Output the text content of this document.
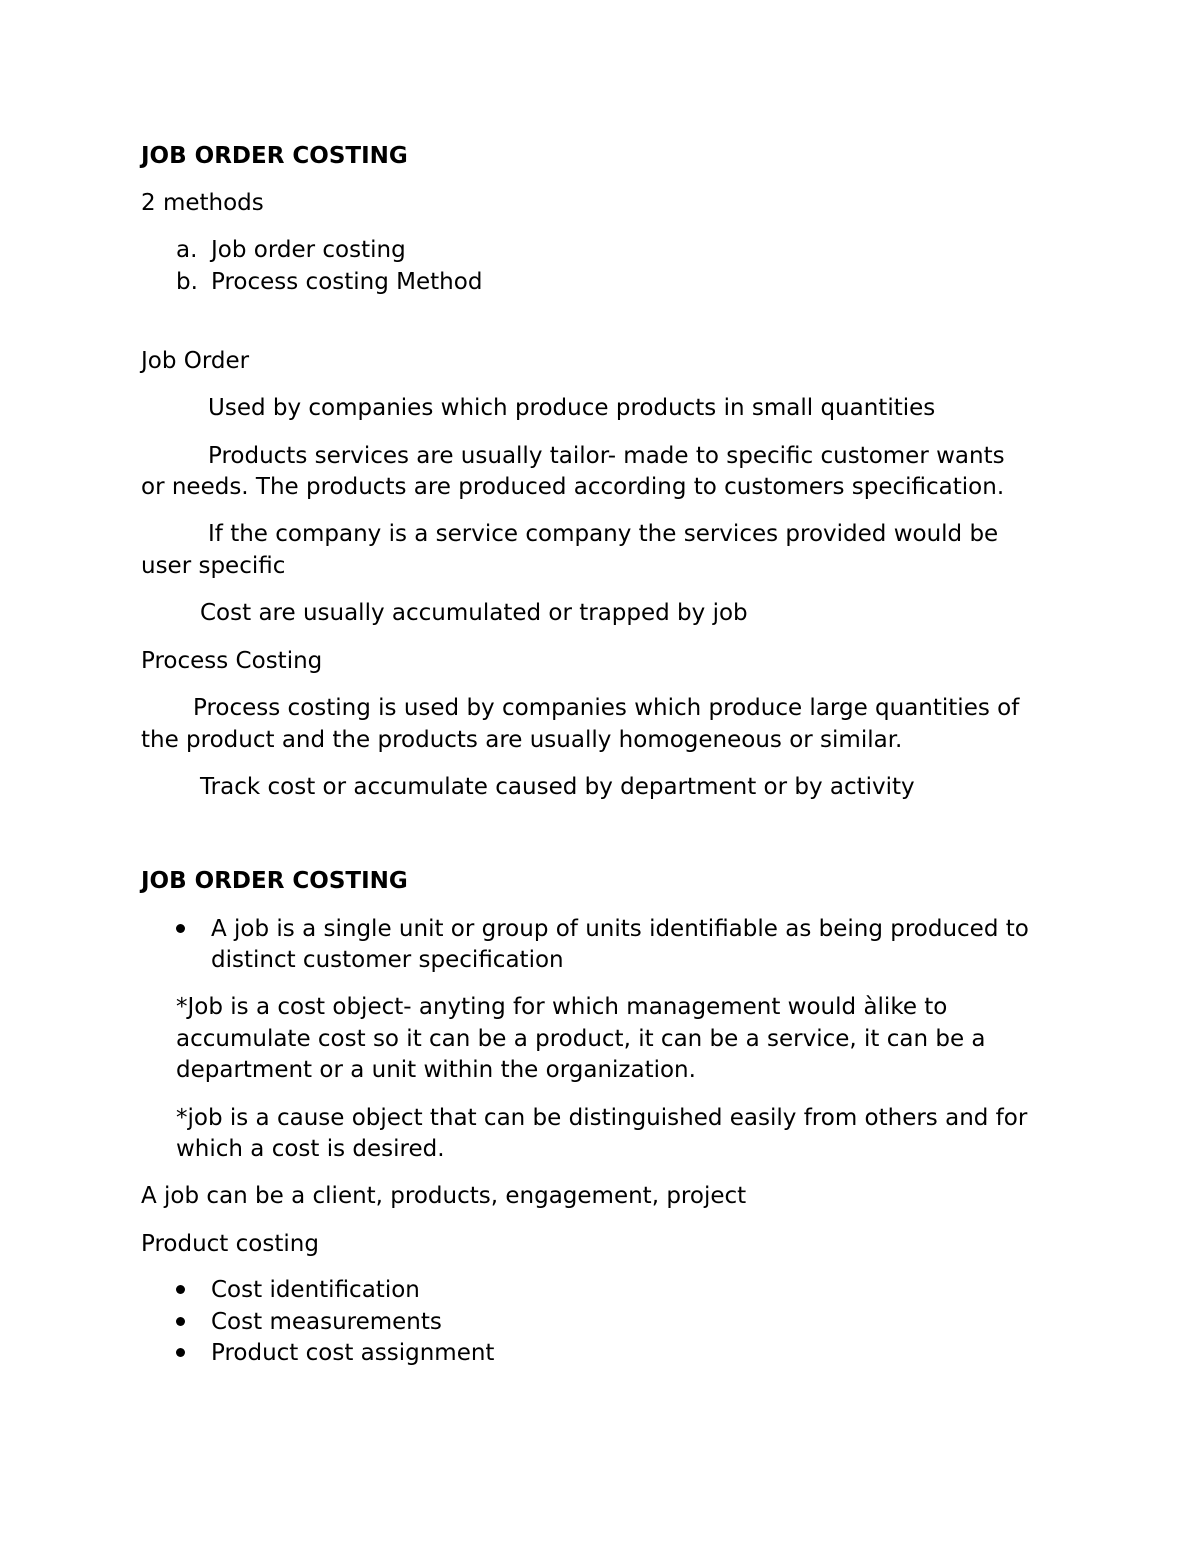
JOB ORDER COSTING
2 methods
a. Job order costing
b. Process costing Method
Job Order
Used by companies which produce products in small quantities
Products services are usually tailor- made to specific customer wants
or needs. The products are produced according to customers specification.
If the company is a service company the services provided would be
user specific
Cost are usually accumulated or trapped by job
Process Costing
Process costing is used by companies which produce large quantities of
the product and the products are usually homogeneous or similar.
Track cost or accumulate caused by department or by activity
JOB ORDER COSTING
A job is a single unit or group of units identifiable as being produced to
distinct customer specification
*Job is a cost object- anyting for which management would àlike to
accumulate cost so it can be a product, it can be a service, it can be a
department or a unit within the organization.
*job is a cause object that can be distinguished easily from others and for
which a cost is desired.
A job can be a client, products, engagement, project
Product costing
Cost identification
Cost measurements
Product cost assignment
